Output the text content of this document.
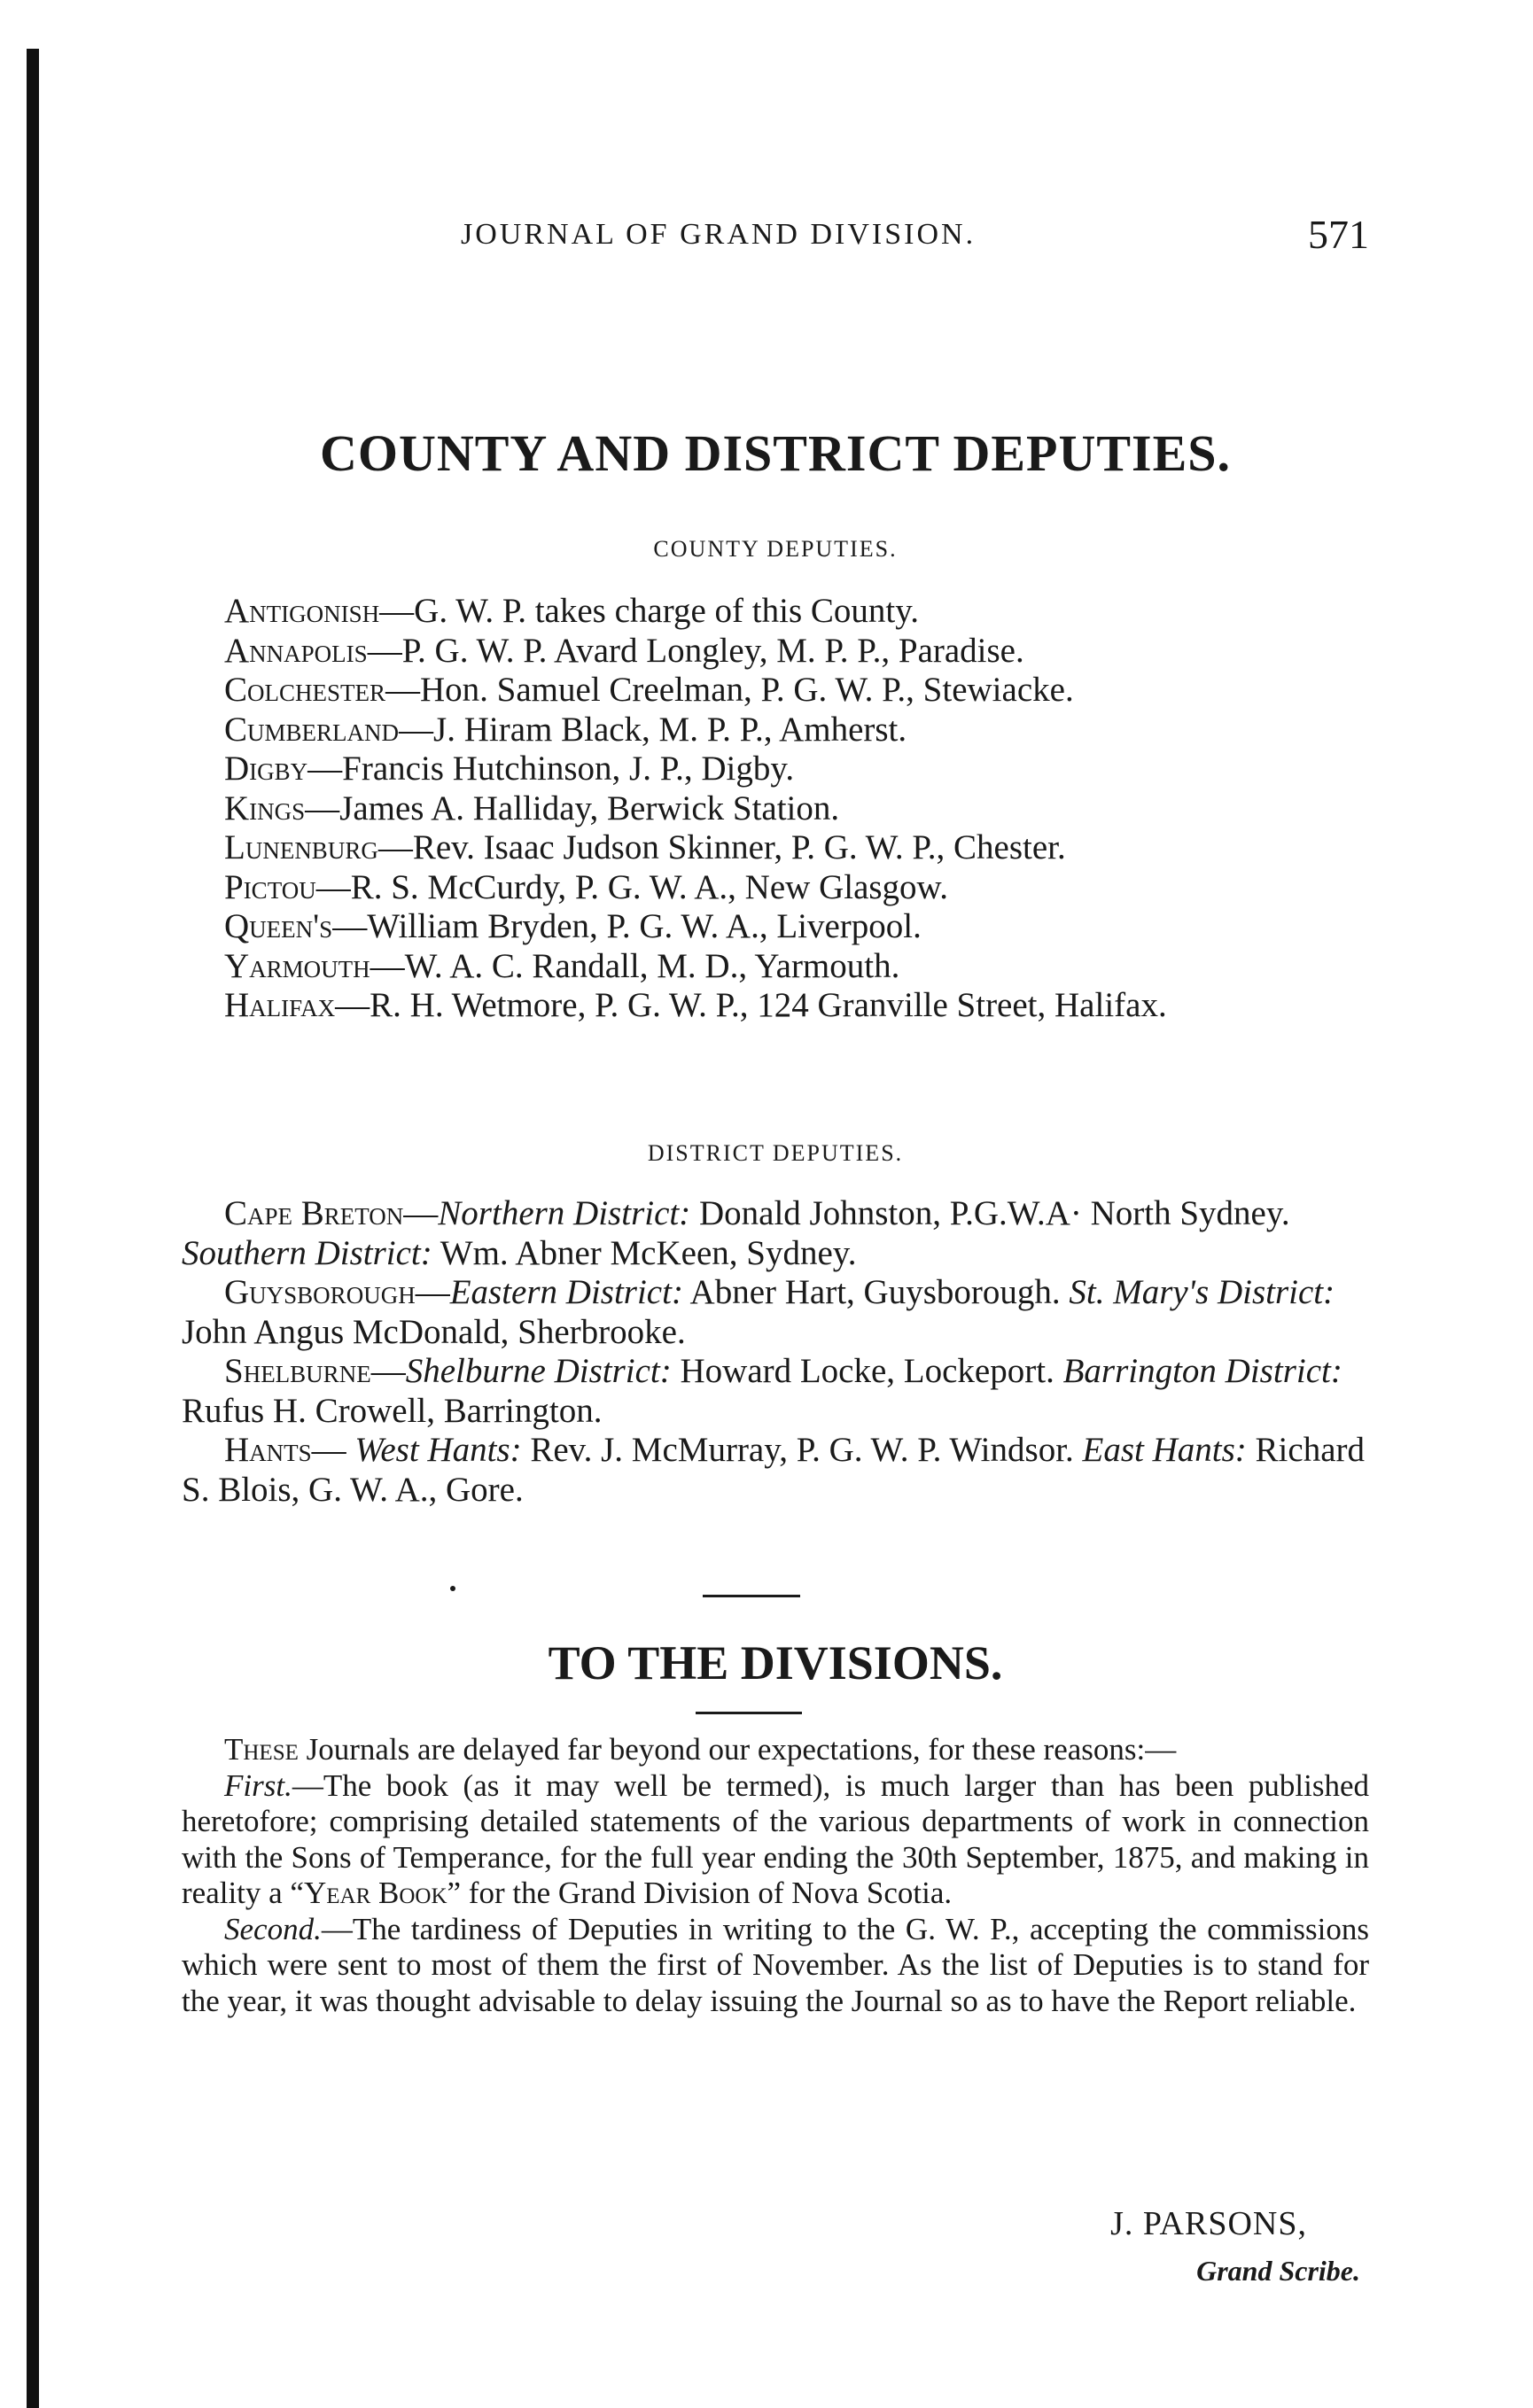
JOURNAL OF GRAND DIVISION.	571
COUNTY AND DISTRICT DEPUTIES.
COUNTY DEPUTIES.

Antigonish—G. W. P. takes charge of this County.

Annapolis—P. G. W. P. Avard Longley, M. P. P., Paradise.

Colchester—Hon. Samuel Creelman, P. G. W. P., Stewiacke.

Cumberland—J. Hiram Black, M. P. P., Amherst.

Digby—Francis Hutchinson, J. P., Digby.

Kings—James A. Halliday, Berwick Station.

Lunenburg—Rev. Isaac Judson Skinner, P. G. W. P., Chester.

Pictou—R. S. McCurdy, P. G. W. A., New Glasgow.

Queen's—William Bryden, P. G. W. A., Liverpool.

Yarmouth—W. A. C. Randall, M. D., Yarmouth.

Halifax—R. H. Wetmore, P. G. W. P., 124 Granville Street, Halifax.

DISTRICT DEPUTIES.

Cape Breton—Northern District: Donald Johnston, P.G.W.A· North Sydney. Southern District: Wm. Abner McKeen, Sydney.

Guysborough—Eastern District: Abner Hart, Guysborough. St. Mary's District: John Angus McDonald, Sherbrooke.

Shelburne—Shelburne District: Howard Locke, Lockeport. Barrington District: Rufus H. Crowell, Barrington.

Hants— West Hants: Rev. J. McMurray, P. G. W. P. Windsor. East Hants: Richard S. Blois, G. W. A., Gore.

TO THE DIVISIONS.

These Journals are delayed far beyond our expectations, for these reasons:—

First.—The book (as it may well be termed), is much larger than has been published heretofore; comprising detailed statements of the various departments of work in connection with the Sons of Temperance, for the full year ending the 30th September, 1875, and making in reality a “Year Book” for the Grand Division of Nova Scotia.

Second.—The tardiness of Deputies in writing to the G. W. P., accepting the commissions which were sent to most of them the first of November. As the list of Deputies is to stand for the year, it was thought advisable to delay issuing the Journal so as to have the Report reliable.

J. PARSONS,
Grand Scribe.
